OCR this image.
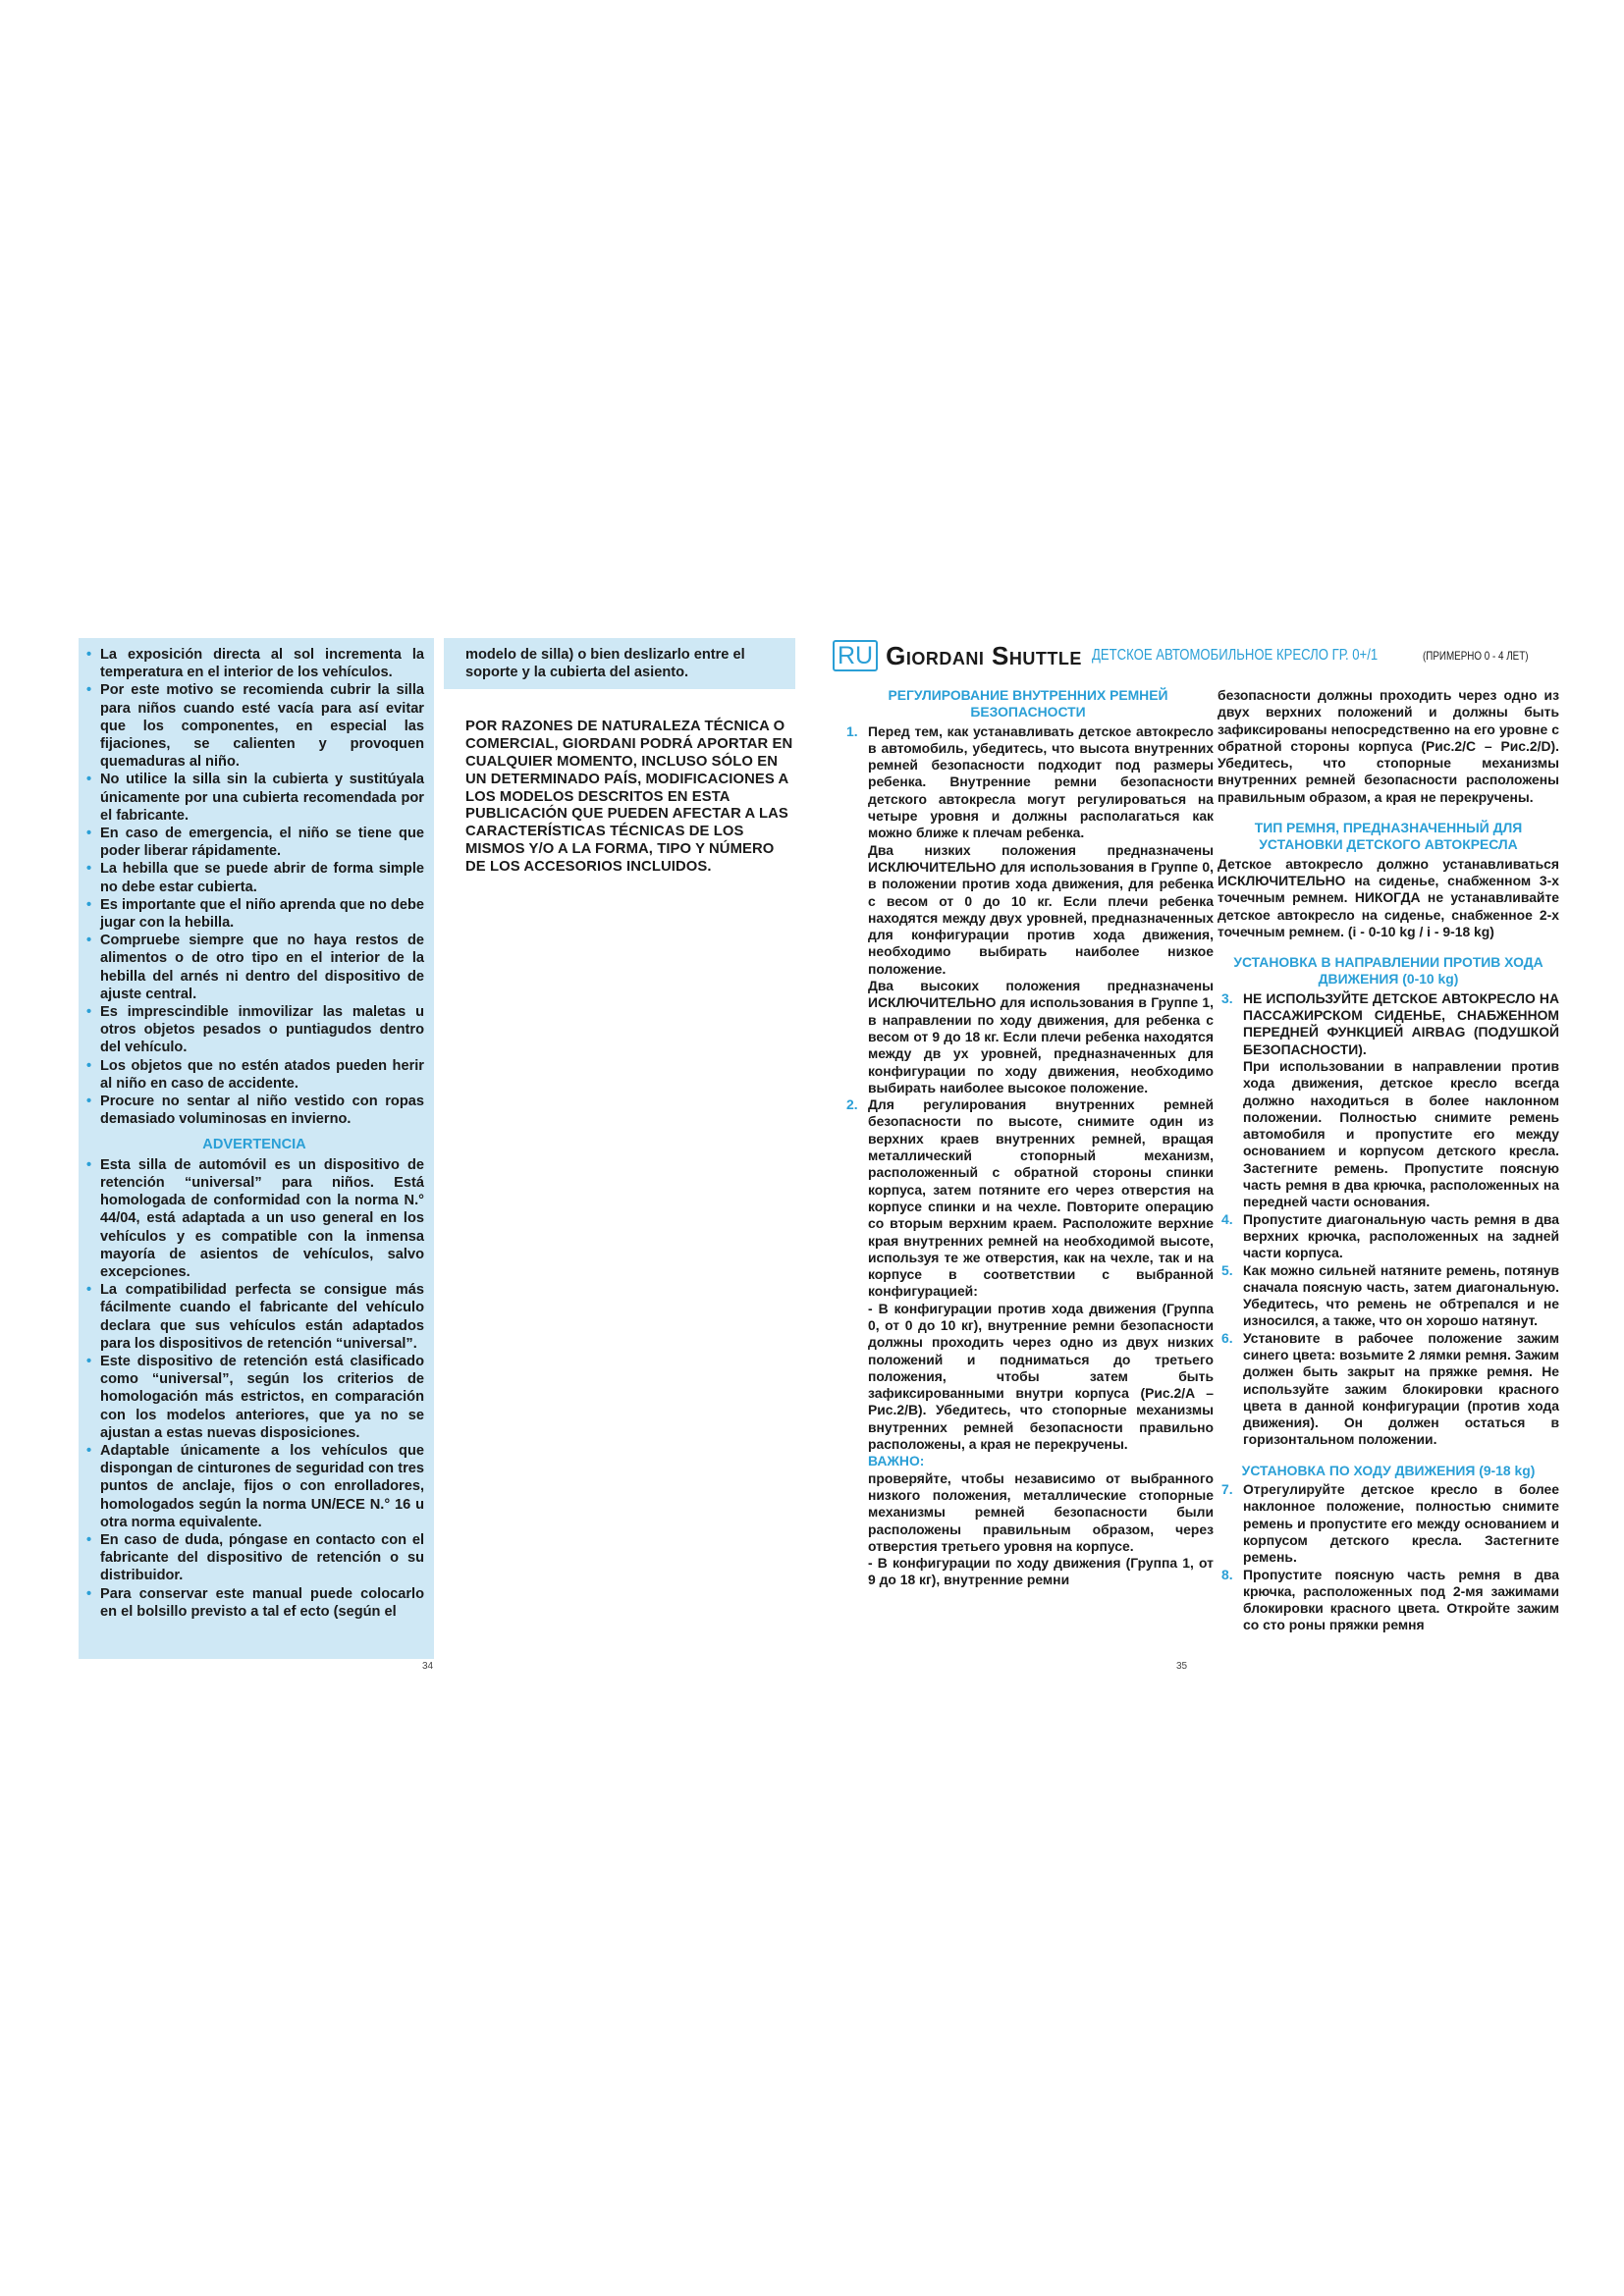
• La exposición directa al sol incrementa la temperatura en el interior de los vehículos.
• Por este motivo se recomienda cubrir la silla para niños cuando esté vacía para así evitar que los componentes, en especial las fijaciones, se calienten y provoquen quemaduras al niño.
• No utilice la silla sin la cubierta y sustitúyala únicamente por una cubierta recomendada por el fabricante.
• En caso de emergencia, el niño se tiene que poder liberar rápidamente.
• La hebilla que se puede abrir de forma simple no debe estar cubierta.
• Es importante que el niño aprenda que no debe jugar con la hebilla.
• Compruebe siempre que no haya restos de alimentos o de otro tipo en el interior de la hebilla del arnés ni dentro del dispositivo de ajuste central.
• Es imprescindible inmovilizar las maletas u otros objetos pesados o puntiagudos dentro del vehículo.
• Los objetos que no estén atados pueden herir al niño en caso de accidente.
• Procure no sentar al niño vestido con ropas demasiado voluminosas en invierno.
ADVERTENCIA
• Esta silla de automóvil es un dispositivo de retención “universal” para niños. Está homologada de conformidad con la norma N.° 44/04, está adaptada a un uso general en los vehículos y es compatible con la inmensa mayoría de asientos de vehículos, salvo excepciones.
• La compatibilidad perfecta se consigue más fácilmente cuando el fabricante del vehículo declara que sus vehículos están adaptados para los dispositivos de retención “universal”.
• Este dispositivo de retención está clasificado como “universal”, según los criterios de homologación más estrictos, en comparación con los modelos anteriores, que ya no se ajustan a estas nuevas disposiciones.
• Adaptable únicamente a los vehículos que dispongan de cinturones de seguridad con tres puntos de anclaje, fijos o con enrolladores, homologados según la norma UN/ECE N.° 16 u otra norma equivalente.
• En caso de duda, póngase en contacto con el fabricante del dispositivo de retención o su distribuidor.
• Para conservar este manual puede colocarlo en el bolsillo previsto a tal ef ecto (según el
modelo de silla) o bien deslizarlo entre el soporte y la cubierta del asiento.
POR RAZONES DE NATURALEZA TÉCNICA O COMERCIAL, GIORDANI PODRÁ APORTAR EN CUALQUIER MOMENTO, INCLUSO SÓLO EN UN DETERMINADO PAÍS, MODIFICACIONES A LOS MODELOS DESCRITOS EN ESTA PUBLICACIÓN QUE PUEDEN AFECTAR A LAS CARACTERÍSTICAS TÉCNICAS DE LOS MISMOS Y/O A LA FORMA, TIPO Y NÚMERO DE LOS ACCESORIOS INCLUIDOS.
34
RU Giordani Shuttle ДЕТСКОЕ АВТОМОБИЛЬНОЕ КРЕСЛО ГР. 0+/1	(ПРИМЕРНО 0 - 4 ЛЕТ)
РЕГУЛИРОВАНИЕ ВНУТРЕННИХ РЕМНЕЙ БЕЗОПАСНОСТИ
1. Перед тем, как устанавливать детское автокресло в автомобиль, убедитесь, что высота внутренних ремней безопасности подходит под размеры ребенка. Внутренние ремни безопасности детского автокресла могут регулироваться на четыре уровня и должны располагаться как можно ближе к плечам ребенка.
Два низких положения предназначены ИСКЛЮЧИТЕЛЬНО для использования в Группе 0, в положении против хода движения, для ребенка с весом от 0 до 10 кг. Если плечи ребенка находятся между двух уровней, предназначенных для конфигурации против хода движения, необходимо выбирать наиболее низкое положение.
Два высоких положения предназначены ИСКЛЮЧИТЕЛЬНО для использования в Группе 1, в направлении по ходу движения, для ребенка с весом от 9 до 18 кг. Если плечи ребенка находятся между дв ух уровней, предназначенных для конфигурации по ходу движения, необходимо выбирать наиболее высокое положение.
2. Для регулирования внутренних ремней безопасности по высоте, снимите один из верхних краев внутренних ремней, вращая металлический стопорный механизм, расположенный с обратной стороны спинки корпуса, затем потяните его через отверстия на корпусе спинки и на чехле. Повторите операцию со вторым верхним краем. Расположите верхние края внутренних ремней на необходимой высоте, используя те же отверстия, как на чехле, так и на корпусе в соответствии с выбранной конфигурацией:
- В конфигурации против хода движения (Группа 0, от 0 до 10 кг), внутренние ремни безопасности должны проходить через одно из двух низких положений и подниматься до третьего положения, чтобы затем быть зафиксированными внутри корпуса (Рис.2/A – Рис.2/B). Убедитесь, что стопорные механизмы внутренних ремней безопасности правильно расположены, а края не перекручены.
ВАЖНО:
проверяйте, чтобы независимо от выбранного низкого положения, металлические стопорные механизмы ремней безопасности были расположены правильным образом, через отверстия третьего уровня на корпусе.
- В конфигурации по ходу движения (Группа 1, от 9 до 18 кг), внутренние ремни
безопасности должны проходить через одно из двух верхних положений и должны быть зафиксированы непосредственно на его уровне с обратной стороны корпуса (Рис.2/C – Рис.2/D). Убедитесь, что стопорные механизмы внутренних ремней безопасности расположены правильным образом, а края не перекручены.
ТИП РЕМНЯ, ПРЕДНАЗНАЧЕННЫЙ ДЛЯ УСТАНОВКИ ДЕТСКОГО АВТОКРЕСЛА
Детское автокресло должно устанавливаться ИСКЛЮЧИТЕЛЬНО на сиденье, снабженном 3-х точечным ремнем. НИКОГДА не устанавливайте детское автокресло на сиденье, снабженное 2-х точечным ремнем. (i - 0-10 kg / i - 9-18 kg)
УСТАНОВКА В НАПРАВЛЕНИИ ПРОТИВ ХОДА ДВИЖЕНИЯ (0-10 kg)
3. НЕ ИСПОЛЬЗУЙТЕ ДЕТСКОЕ АВТОКРЕСЛО НА ПАССАЖИРСКОМ СИДЕНЬЕ, СНАБЖЕННОМ ПЕРЕДНЕЙ ФУНКЦИЕЙ AIRBAG (ПОДУШКОЙ БЕЗОПАСНОСТИ).
При использовании в направлении против хода движения, детское кресло всегда должно находиться в более наклонном положении. Полностью снимите ремень автомобиля и пропустите его между основанием и корпусом детского кресла. Застегните ремень. Пропустите поясную часть ремня в два крючка, расположенных на передней части основания.
4. Пропустите диагональную часть ремня в два верхних крючка, расположенных на задней части корпуса.
5. Как можно сильней натяните ремень, потянув сначала поясную часть, затем диагональную. Убедитесь, что ремень не обтрепался и не износился, а также, что он хорошо натянут.
6. Установите в рабочее положение зажим синего цвета: возьмите 2 лямки ремня. Зажим должен быть закрыт на пряжке ремня. Не используйте зажим блокировки красного цвета в данной конфигурации (против хода движения). Он должен остаться в горизонтальном положении.
УСТАНОВКА ПО ХОДУ ДВИЖЕНИЯ (9-18 kg)
7. Отрегулируйте детское кресло в более наклонное положение, полностью снимите ремень и пропустите его между основанием и корпусом детского кресла. Застегните ремень.
8. Пропустите поясную часть ремня в два крючка, расположенных под 2-мя зажимами блокировки красного цвета. Откройте зажим со сто роны пряжки ремня
35
